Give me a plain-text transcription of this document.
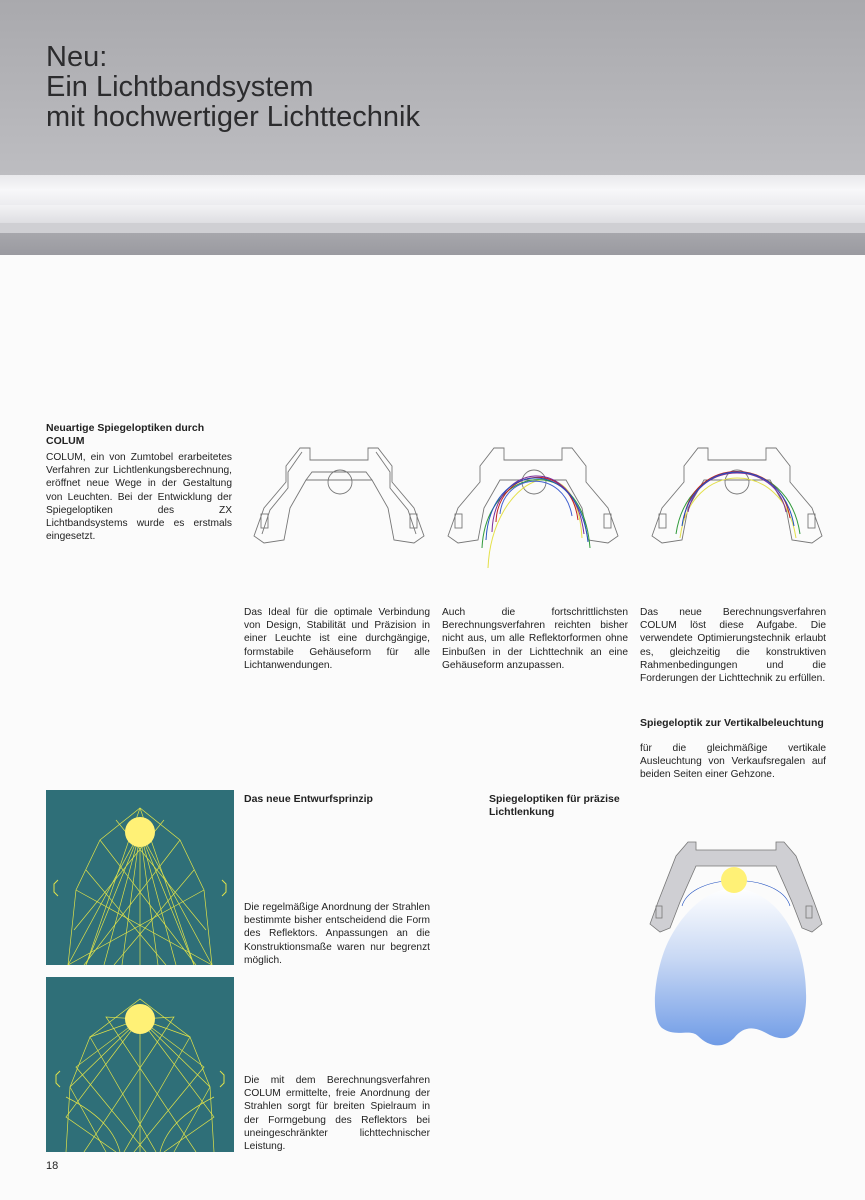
Neu:
Ein Lichtbandsystem
mit hochwertiger Lichttechnik
Neuartige Spiegeloptiken durch COLUM
COLUM, ein von Zumtobel erarbeitetes Verfahren zur Lichtlenkungsberechnung, eröffnet neue Wege in der Gestaltung von Leuchten. Bei der Entwicklung der Spiegeloptiken des ZX Lichtbandsystems wurde es erstmals eingesetzt.
Das Ideal für die optimale Verbindung von Design, Stabilität und Präzision in einer Leuchte ist eine durchgängige, formstabile Gehäuseform für alle Lichtanwendungen.
Auch die fortschrittlichsten Berechnungsverfahren reichten bisher nicht aus, um alle Reflektorformen ohne Einbußen in der Lichttechnik an eine Gehäuseform anzupassen.
Das neue Berechnungsverfahren COLUM löst diese Aufgabe. Die verwendete Optimierungstechnik erlaubt es, gleichzeitig die konstruktiven Rahmenbedingungen und die Forderungen der Lichttechnik zu erfüllen.
Spiegeloptik zur Vertikalbeleuchtung
für die gleichmäßige vertikale Ausleuchtung von Verkaufsregalen auf beiden Seiten einer Gehzone.
Das neue Entwurfsprinzip
Die regelmäßige Anordnung der Strahlen bestimmte bisher entscheidend die Form des Reflektors. Anpassungen an die Konstruktionsmaße waren nur begrenzt möglich.
Die mit dem Berechnungsverfahren COLUM ermittelte, freie Anordnung der Strahlen sorgt für breiten Spielraum in der Formgebung des Reflektors bei uneingeschränkter lichttechnischer Leistung.
Spiegeloptiken für präzise Lichtlenkung
18
